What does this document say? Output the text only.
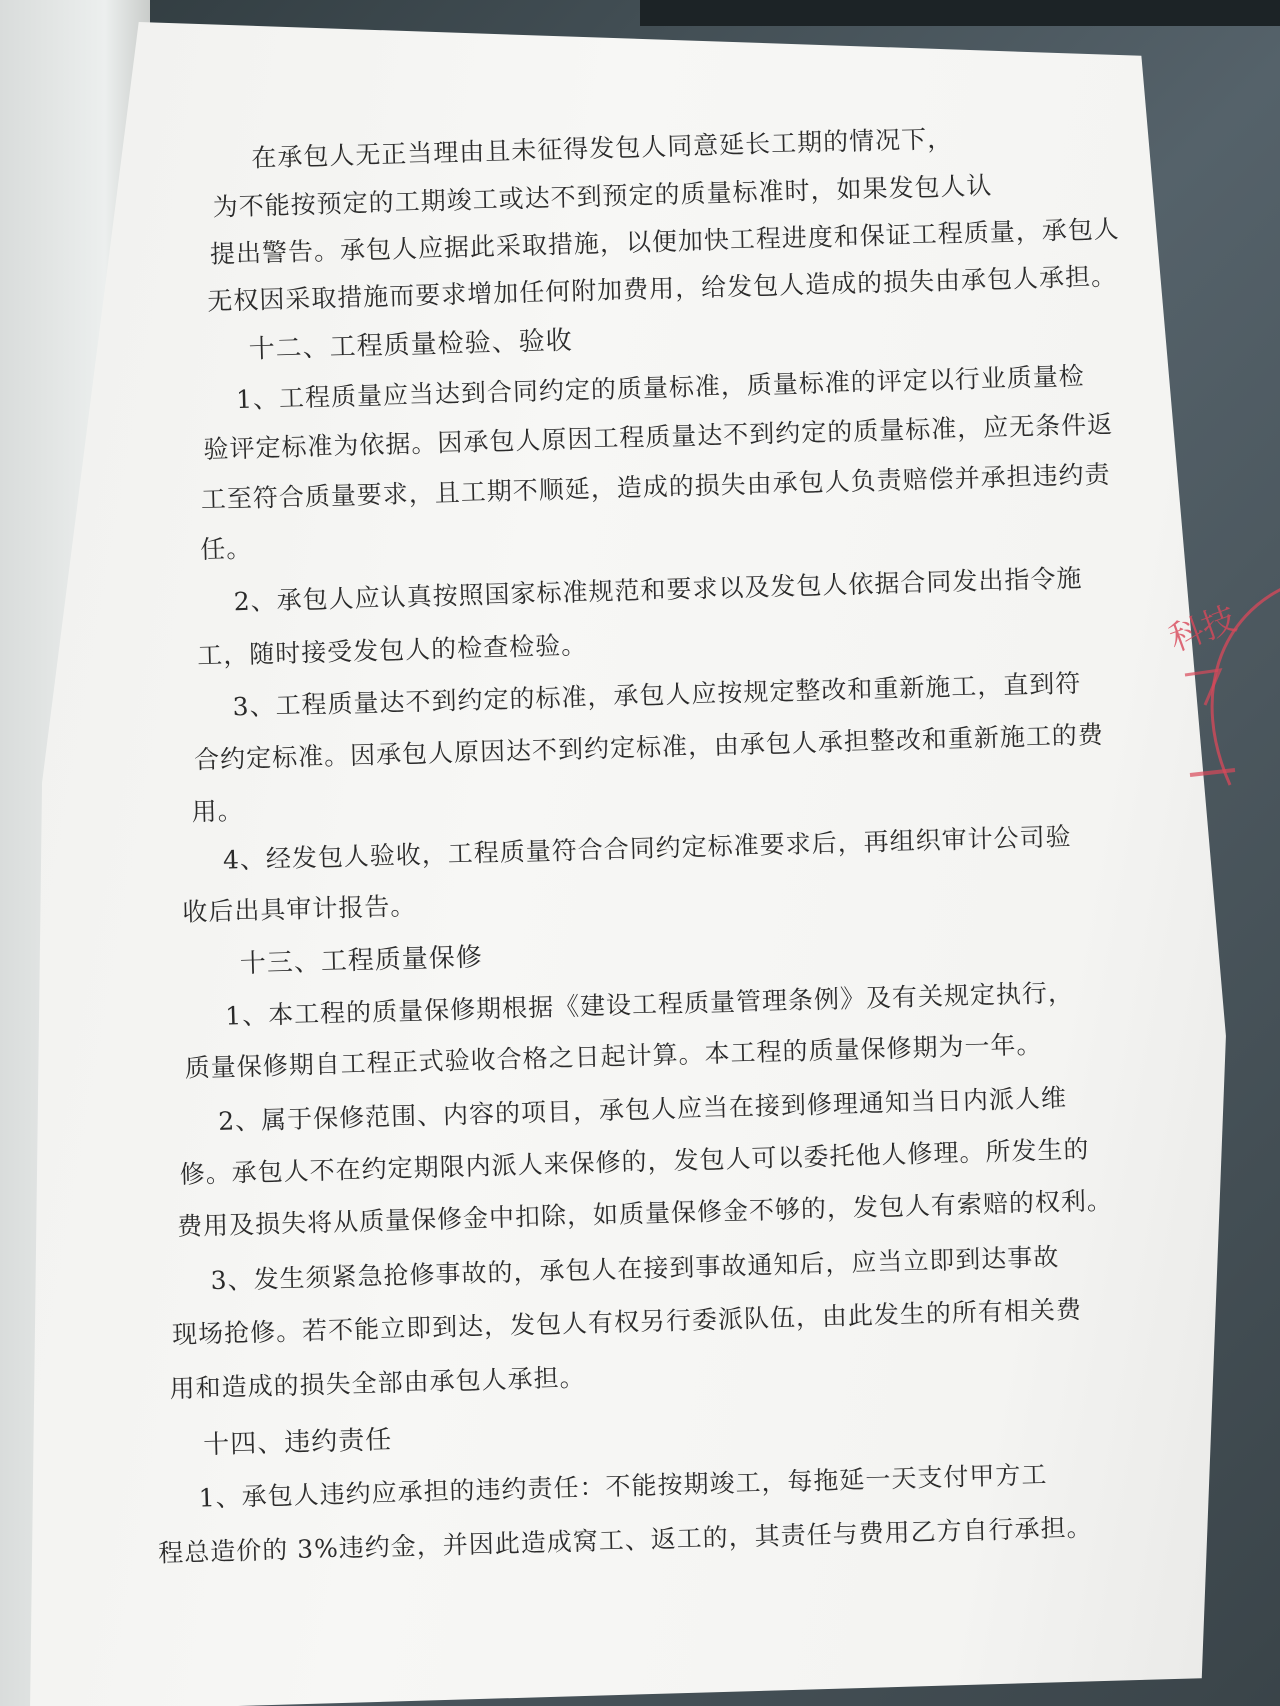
在承包人无正当理由且未征得发包人同意延长工期的情况下，
为不能按预定的工期竣工或达不到预定的质量标准时，如果发包人认
提出警告。承包人应据此采取措施，以便加快工程进度和保证工程质量，承包人
无权因采取措施而要求增加任何附加费用，给发包人造成的损失由承包人承担。
十二、工程质量检验、验收
1、工程质量应当达到合同约定的质量标准，质量标准的评定以行业质量检
验评定标准为依据。因承包人原因工程质量达不到约定的质量标准，应无条件返
工至符合质量要求，且工期不顺延，造成的损失由承包人负责赔偿并承担违约责
任。
2、承包人应认真按照国家标准规范和要求以及发包人依据合同发出指令施
工，随时接受发包人的检查检验。
3、工程质量达不到约定的标准，承包人应按规定整改和重新施工，直到符
合约定标准。因承包人原因达不到约定标准，由承包人承担整改和重新施工的费
用。
4、经发包人验收，工程质量符合合同约定标准要求后，再组织审计公司验
收后出具审计报告。
十三、工程质量保修
1、本工程的质量保修期根据《建设工程质量管理条例》及有关规定执行，
质量保修期自工程正式验收合格之日起计算。本工程的质量保修期为一年。
2、属于保修范围、内容的项目，承包人应当在接到修理通知当日内派人维
修。承包人不在约定期限内派人来保修的，发包人可以委托他人修理。所发生的
费用及损失将从质量保修金中扣除，如质量保修金不够的，发包人有索赔的权利。
3、发生须紧急抢修事故的，承包人在接到事故通知后，应当立即到达事故
现场抢修。若不能立即到达，发包人有权另行委派队伍，由此发生的所有相关费
用和造成的损失全部由承包人承担。
十四、违约责任
1、承包人违约应承担的违约责任：不能按期竣工，每拖延一天支付甲方工
程总造价的 3%违约金，并因此造成窝工、返工的，其责任与费用乙方自行承担。
科技
